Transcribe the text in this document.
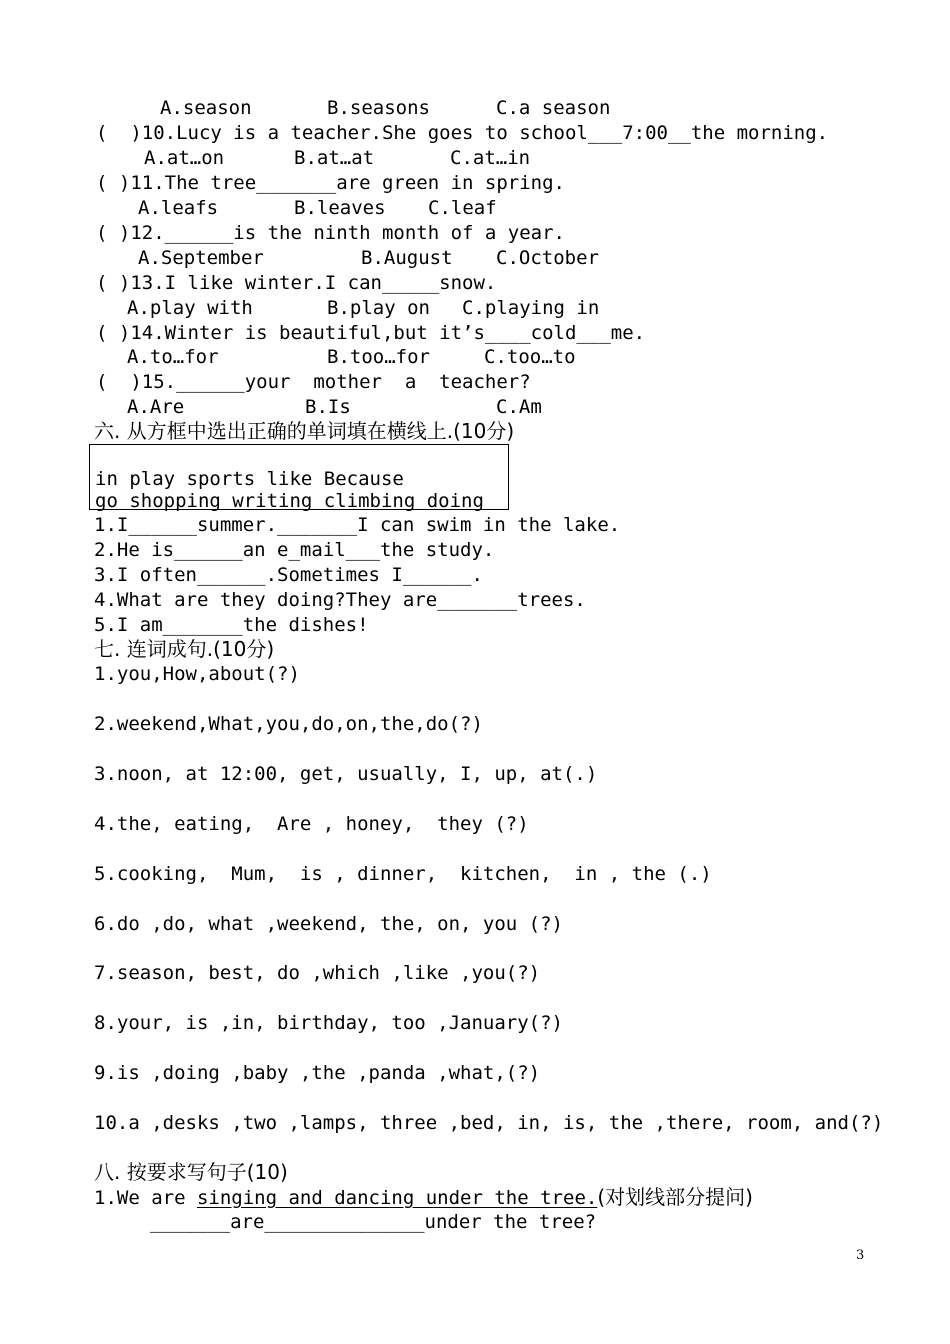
A.season	B.seasons	C.a season
(  )10.Lucy is a teacher.She goes to school___7:00__the morning.
A.at…on	B.at…at	C.at…in
( )11.The tree_______are green in spring.
A.leafs	B.leaves C.leaf
( )12.______is the ninth month of a year.
A.September	B.August C.October
( )13.I like winter.I can_____snow.
A.play with	B.play on C.playing in
( )14.Winter is beautiful,but it’s____cold___me.
A.to…for	B.too…for	C.too…to
(  )15.______your  mother  a  teacher?
A.Are	B.Is	C.Am
六. 从方框中选出正确的单词填在横线上.(10分)
in play sports like Because
go shopping writing climbing doing
1.I______summer._______I can swim in the lake.
2.He is______an e_mail___the study.
3.I often______.Sometimes I______.
4.What are they doing?They are_______trees.
5.I am_______the dishes!
七. 连词成句.(10分)
1.you,How,about(?)
2.weekend,What,you,do,on,the,do(?)
3.noon, at 12:00, get, usually, I, up, at(.)
4.the, eating,  Are , honey,  they (?)
5.cooking,  Mum,  is , dinner,  kitchen,  in , the (.)
6.do ,do, what ,weekend, the, on, you (?)
7.season, best, do ,which ,like ,you(?)
8.your, is ,in, birthday, too ,January(?)
9.is ,doing ,baby ,the ,panda ,what,(?)
10.a ,desks ,two ,lamps, three ,bed, in, is, the ,there, room, and(?)
八. 按要求写句子(10)
1.We are singing and dancing under the tree.(对划线部分提问)
_______are______________under the tree?
3
